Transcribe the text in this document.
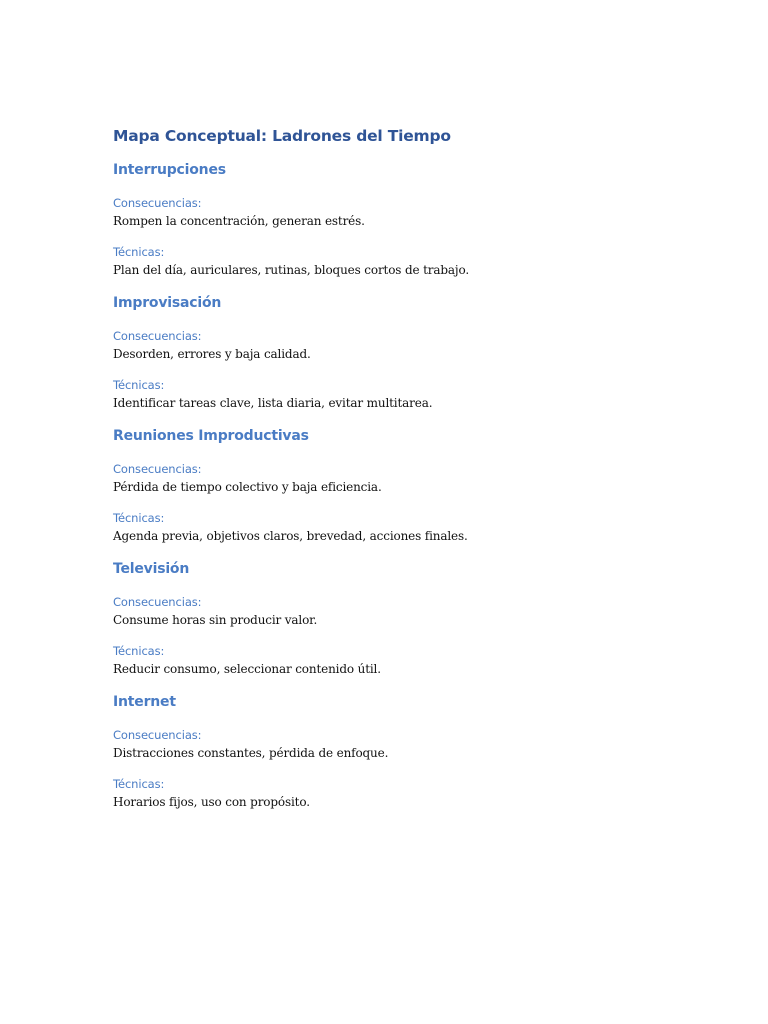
Mapa Conceptual: Ladrones del Tiempo
Interrupciones
Consecuencias:

Rompen la concentración, generan estrés.

Técnicas:

Plan del día, auriculares, rutinas, bloques cortos de trabajo.

Improvisación
Consecuencias:

Desorden, errores y baja calidad.

Técnicas:

Identificar tareas clave, lista diaria, evitar multitarea.

Reuniones Improductivas
Consecuencias:

Pérdida de tiempo colectivo y baja eficiencia.

Técnicas:

Agenda previa, objetivos claros, brevedad, acciones finales.

Televisión
Consecuencias:

Consume horas sin producir valor.

Técnicas:

Reducir consumo, seleccionar contenido útil.

Internet
Consecuencias:

Distracciones constantes, pérdida de enfoque.

Técnicas:

Horarios fijos, uso con propósito.
